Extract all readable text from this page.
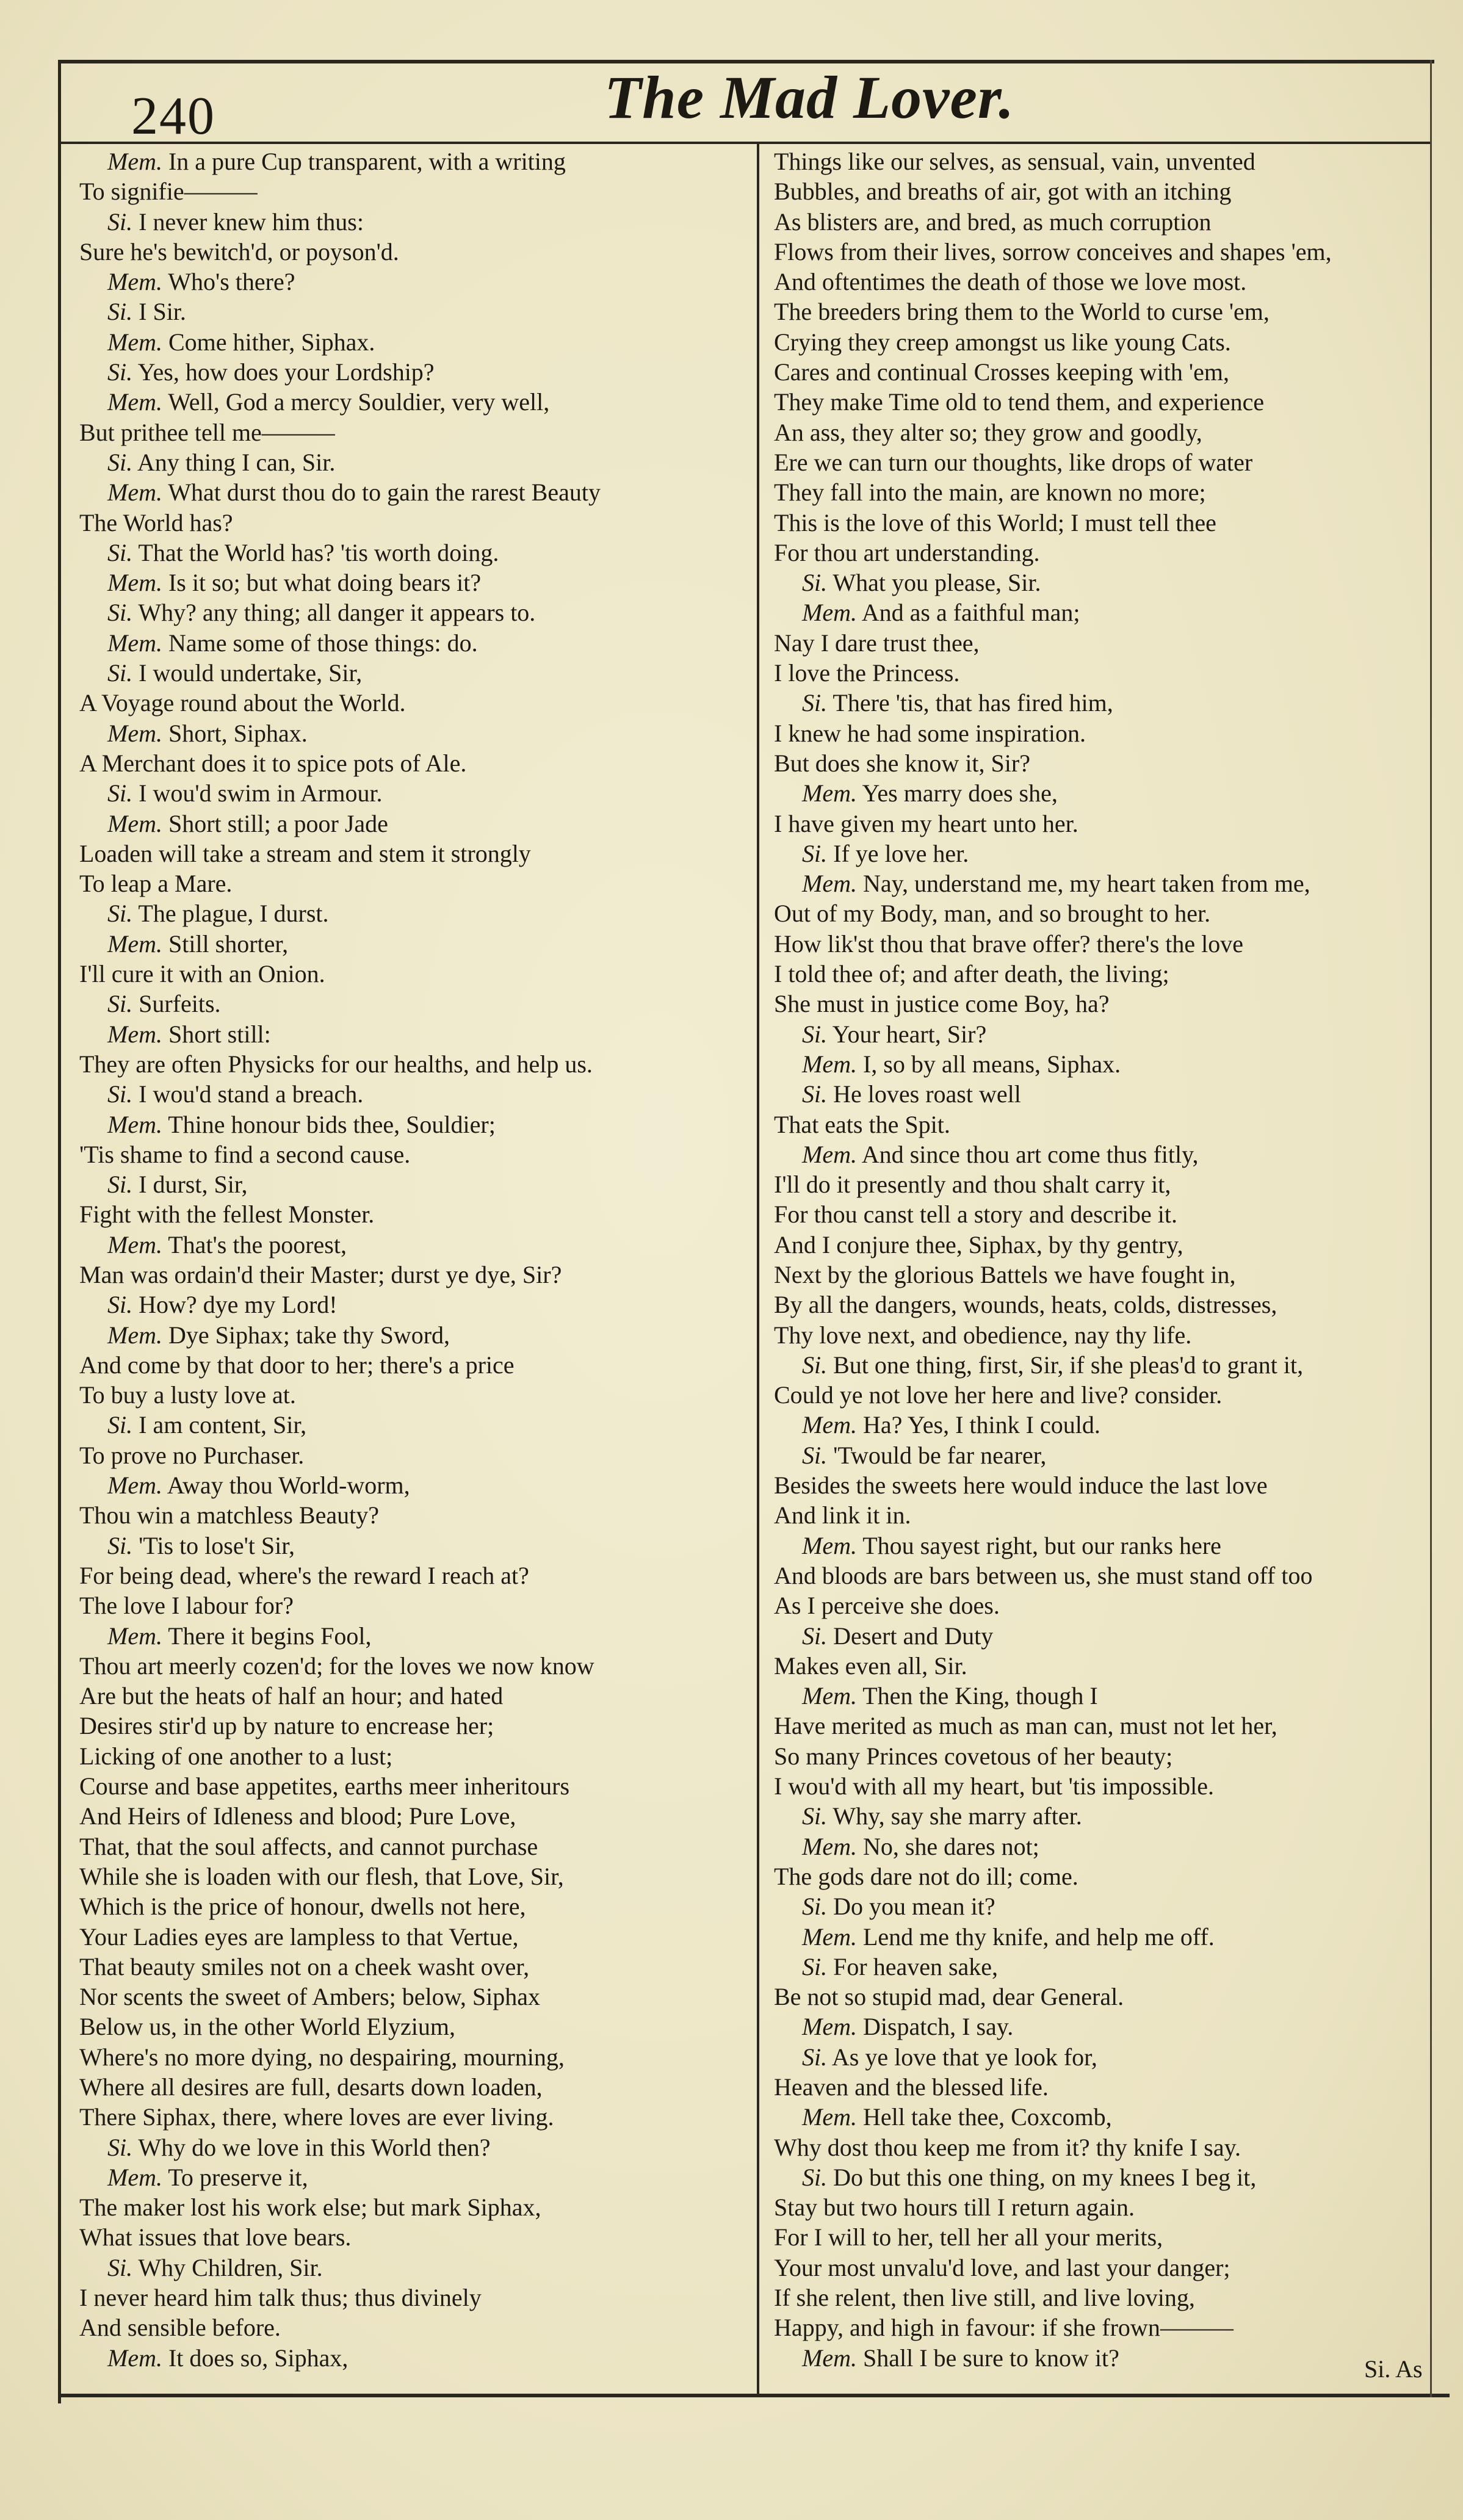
240	The Mad Lover.
Mem. In a pure Cup transparent, with a writing
To signifie———
Si. I never knew him thus:
Sure he's bewitch'd, or poyson'd.
Mem. Who's there?
Si. I Sir.
Mem. Come hither, Siphax.
Si. Yes, how does your Lordship?
Mem. Well, God a mercy Souldier, very well,
But prithee tell me———
Si. Any thing I can, Sir.
Mem. What durst thou do to gain the rarest Beauty
The World has?
Si. That the World has? 'tis worth doing.
Mem. Is it so; but what doing bears it?
Si. Why? any thing; all danger it appears to.
Mem. Name some of those things: do.
Si. I would undertake, Sir,
A Voyage round about the World.
Mem. Short, Siphax.
A Merchant does it to spice pots of Ale.
Si. I wou'd swim in Armour.
Mem. Short still; a poor Jade
Loaden will take a stream and stem it strongly
To leap a Mare.
Si. The plague, I durst.
Mem. Still shorter,
I'll cure it with an Onion.
Si. Surfeits.
Mem. Short still:
They are often Physicks for our healths, and help us.
Si. I wou'd stand a breach.
Mem. Thine honour bids thee, Souldier;
'Tis shame to find a second cause.
Si. I durst, Sir,
Fight with the fellest Monster.
Mem. That's the poorest,
Man was ordain'd their Master; durst ye dye, Sir?
Si. How? dye my Lord!
Mem. Dye Siphax; take thy Sword,
And come by that door to her; there's a price
To buy a lusty love at.
Si. I am content, Sir,
To prove no Purchaser.
Mem. Away thou World-worm,
Thou win a matchless Beauty?
Si. 'Tis to lose't Sir,
For being dead, where's the reward I reach at?
The love I labour for?
Mem. There it begins Fool,
Thou art meerly cozen'd; for the loves we now know
Are but the heats of half an hour; and hated
Desires stir'd up by nature to encrease her;
Licking of one another to a lust;
Course and base appetites, earths meer inheritours
And Heirs of Idleness and blood; Pure Love,
That, that the soul affects, and cannot purchase
While she is loaden with our flesh, that Love, Sir,
Which is the price of honour, dwells not here,
Your Ladies eyes are lampless to that Vertue,
That beauty smiles not on a cheek washt over,
Nor scents the sweet of Ambers; below, Siphax
Below us, in the other World Elyzium,
Where's no more dying, no despairing, mourning,
Where all desires are full, desarts down loaden,
There Siphax, there, where loves are ever living.
Si. Why do we love in this World then?
Mem. To preserve it,
The maker lost his work else; but mark Siphax,
What issues that love bears.
Si. Why Children, Sir.
I never heard him talk thus; thus divinely
And sensible before.
Mem. It does so, Siphax,
Things like our selves, as sensual, vain, unvented
Bubbles, and breaths of air, got with an itching
As blisters are, and bred, as much corruption
Flows from their lives, sorrow conceives and shapes 'em,
And oftentimes the death of those we love most.
The breeders bring them to the World to curse 'em,
Crying they creep amongst us like young Cats.
Cares and continual Crosses keeping with 'em,
They make Time old to tend them, and experience
An ass, they alter so; they grow and goodly,
Ere we can turn our thoughts, like drops of water
They fall into the main, are known no more;
This is the love of this World; I must tell thee
For thou art understanding.
Si. What you please, Sir.
Mem. And as a faithful man;
Nay I dare trust thee,
I love the Princess.
Si. There 'tis, that has fired him,
I knew he had some inspiration.
But does she know it, Sir?
Mem. Yes marry does she,
I have given my heart unto her.
Si. If ye love her.
Mem. Nay, understand me, my heart taken from me,
Out of my Body, man, and so brought to her.
How lik'st thou that brave offer? there's the love
I told thee of; and after death, the living;
She must in justice come Boy, ha?
Si. Your heart, Sir?
Mem. I, so by all means, Siphax.
Si. He loves roast well
That eats the Spit.
Mem. And since thou art come thus fitly,
I'll do it presently and thou shalt carry it,
For thou canst tell a story and describe it.
And I conjure thee, Siphax, by thy gentry,
Next by the glorious Battels we have fought in,
By all the dangers, wounds, heats, colds, distresses,
Thy love next, and obedience, nay thy life.
Si. But one thing, first, Sir, if she pleas'd to grant it,
Could ye not love her here and live? consider.
Mem. Ha? Yes, I think I could.
Si. 'Twould be far nearer,
Besides the sweets here would induce the last love
And link it in.
Mem. Thou sayest right, but our ranks here
And bloods are bars between us, she must stand off too
As I perceive she does.
Si. Desert and Duty
Makes even all, Sir.
Mem. Then the King, though I
Have merited as much as man can, must not let her,
So many Princes covetous of her beauty;
I wou'd with all my heart, but 'tis impossible.
Si. Why, say she marry after.
Mem. No, she dares not;
The gods dare not do ill; come.
Si. Do you mean it?
Mem. Lend me thy knife, and help me off.
Si. For heaven sake,
Be not so stupid mad, dear General.
Mem. Dispatch, I say.
Si. As ye love that ye look for,
Heaven and the blessed life.
Mem. Hell take thee, Coxcomb,
Why dost thou keep me from it? thy knife I say.
Si. Do but this one thing, on my knees I beg it,
Stay but two hours till I return again.
For I will to her, tell her all your merits,
Your most unvalu'd love, and last your danger;
If she relent, then live still, and live loving,
Happy, and high in favour: if she frown———
Mem. Shall I be sure to know it?	Si. As
